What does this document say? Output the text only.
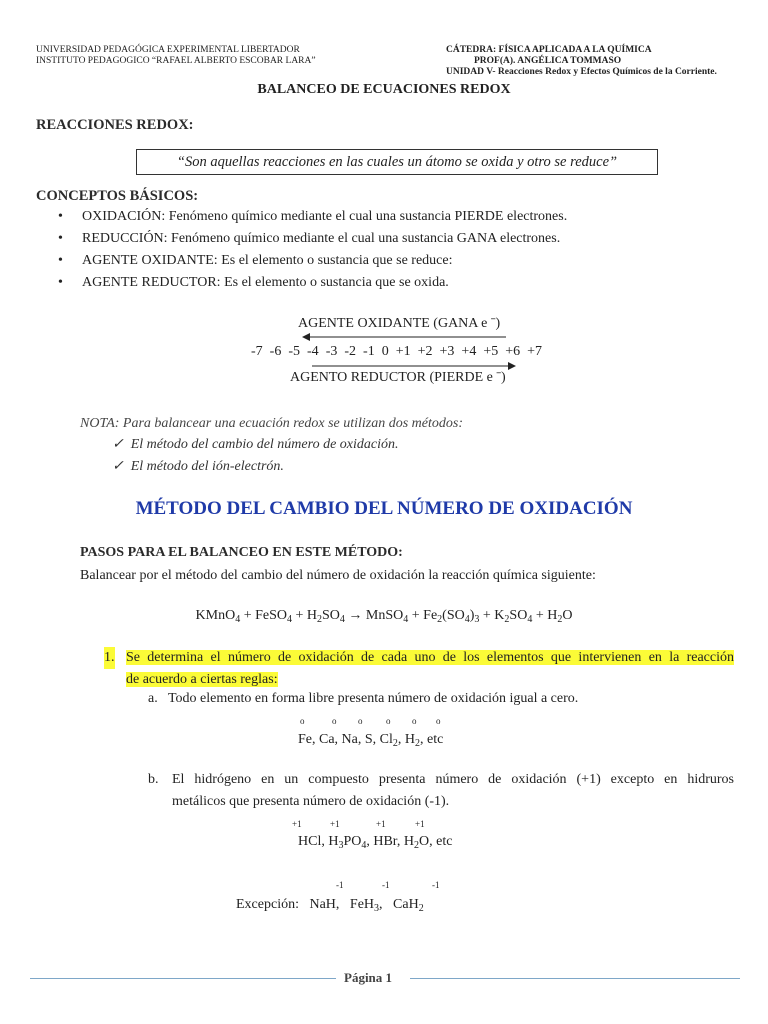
UNIVERSIDAD PEDAGÓGICA EXPERIMENTAL LIBERTADOR
INSTITUTO PEDAGOGICO “RAFAEL ALBERTO ESCOBAR LARA”
CÁTEDRA: FÍSICA APLICADA A LA QUÍMICA
PROF(A). ANGÉLICA TOMMASO
UNIDAD V- Reacciones Redox y Efectos Químicos de la Corriente.
BALANCEO DE ECUACIONES REDOX
REACCIONES REDOX:
“Son aquellas reacciones en las cuales un átomo se oxida y otro se reduce”
CONCEPTOS BÁSICOS:
• OXIDACIÓN: Fenómeno químico mediante el cual una sustancia PIERDE electrones.
• REDUCCIÓN: Fenómeno químico mediante el cual una sustancia GANA electrones.
• AGENTE OXIDANTE: Es el elemento o sustancia que se reduce:
• AGENTE REDUCTOR: Es el elemento o sustancia que se oxida.
AGENTE OXIDANTE (GANA e ˉ)
-7 -6 -5 -4 -3 -2 -1 0 +1 +2 +3 +4 +5 +6 +7
AGENTO REDUCTOR (PIERDE e ˉ)
NOTA: Para balancear una ecuación redox se utilizan dos métodos:
✓ El método del cambio del número de oxidación.
✓ El método del ión-electrón.
MÉTODO DEL CAMBIO DEL NÚMERO DE OXIDACIÓN
PASOS PARA EL BALANCEO EN ESTE MÉTODO:
Balancear por el método del cambio del número de oxidación la reacción química siguiente:
KMnO$_4$ + FeSO$_4$ + $H_2SO_4$ → MnSO$_4$ + $Fe_2(SO_4)_3 + K_2SO_4 + H_2O$
1. Se determina el número de oxidación de cada uno de los elementos que intervienen en la reacción
de acuerdo a ciertas reglas:
a. Todo elemento en forma libre presenta número de oxidación igual a cero.
o	o o	o o o
Fe, Ca, Na, S, $Cl_2$, $H_2$, etc
b. El hidrógeno en un compuesto presenta número de oxidación (+1) excepto en hidruros
metálicos que presenta número de oxidación (-1).
+1	+1	+1	+1
HCl, $H_3PO_4$, HBr, $H_2O$, etc
-1	-1	-1
Excepción: NaH, FeH$_3$, CaH$_2$
Página 1
